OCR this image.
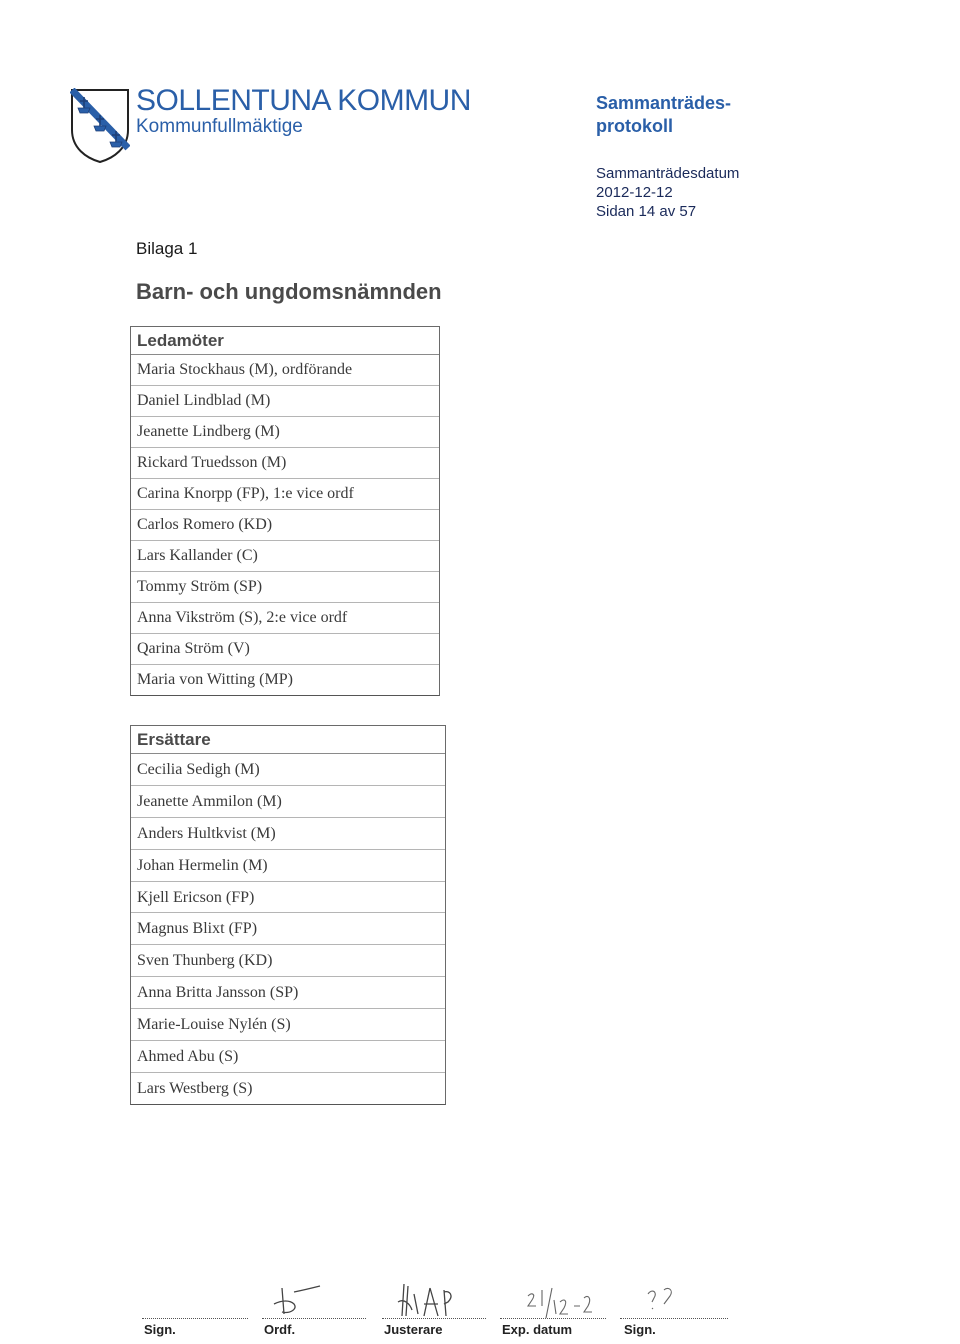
SOLLENTUNA KOMMUN
Kommunfullmäktige
Sammanträdes-
protokoll
Sammanträdesdatum
2012-12-12
Sidan 14 av 57
Bilaga 1
Barn- och ungdomsnämnden
Ledamöter
Maria Stockhaus (M), ordförande
Daniel Lindblad (M)
Jeanette Lindberg (M)
Rickard Truedsson (M)
Carina Knorpp (FP), 1:e vice ordf
Carlos Romero (KD)
Lars Kallander (C)
Tommy Ström (SP)
Anna Vikström (S), 2:e vice ordf
Qarina Ström (V)
Maria von Witting (MP)
Ersättare
Cecilia Sedigh (M)
Jeanette Ammilon (M)
Anders Hultkvist (M)
Johan Hermelin (M)
Kjell Ericson (FP)
Magnus Blixt (FP)
Sven Thunberg (KD)
Anna Britta Jansson (SP)
Marie-Louise Nylén (S)
Ahmed Abu (S)
Lars Westberg (S)
Sign.	Ordf.	Justerare	Exp. datum	Sign.
